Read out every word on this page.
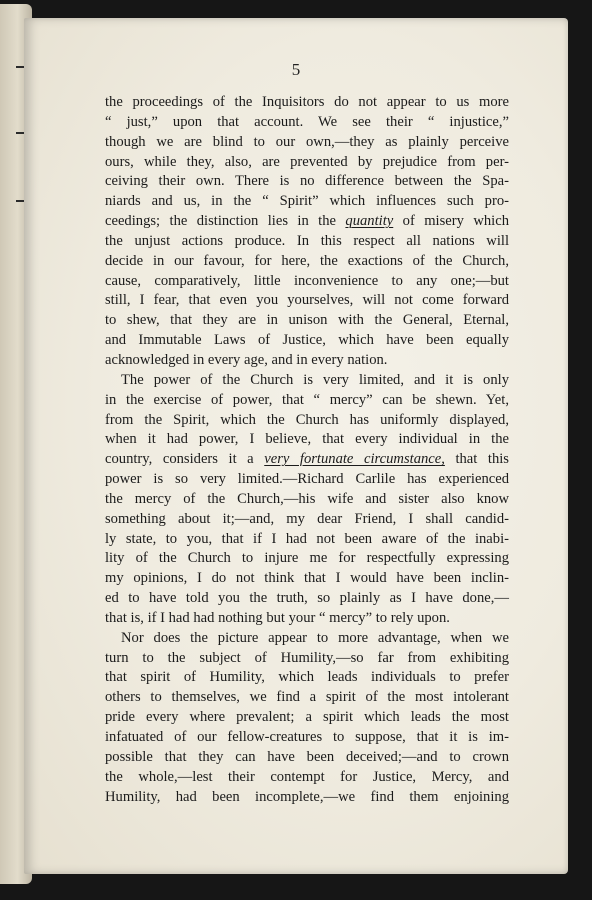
5

the proceedings of the Inquisitors do not appear to us more
“ just,” upon that account. We see their “ injustice,”
though we are blind to our own,—they as plainly perceive
ours, while they, also, are prevented by prejudice from per-
ceiving their own. There is no difference between the Spa-
niards and us, in the “ Spirit” which influences such pro-
ceedings; the distinction lies in the quantity of misery which
the unjust actions produce. In this respect all nations will
decide in our favour, for here, the exactions of the Church,
cause, comparatively, little inconvenience to any one;—but
still, I fear, that even you yourselves, will not come forward
to shew, that they are in unison with the General, Eternal,
and Immutable Laws of Justice, which have been equally
acknowledged in every age, and in every nation.
The power of the Church is very limited, and it is only
in the exercise of power, that “ mercy” can be shewn. Yet,
from the Spirit, which the Church has uniformly displayed,
when it had power, I believe, that every individual in the
country, considers it a very fortunate circumstance, that this
power is so very limited.—Richard Carlile has experienced
the mercy of the Church,—his wife and sister also know
something about it;—and, my dear Friend, I shall candid-
ly state, to you, that if I had not been aware of the inabi-
lity of the Church to injure me for respectfully expressing
my opinions, I do not think that I would have been inclin-
ed to have told you the truth, so plainly as I have done,—
that is, if I had had nothing but your “ mercy” to rely upon.
Nor does the picture appear to more advantage, when we
turn to the subject of Humility,—so far from exhibiting
that spirit of Humility, which leads individuals to prefer
others to themselves, we find a spirit of the most intolerant
pride every where prevalent; a spirit which leads the most
infatuated of our fellow-creatures to suppose, that it is im-
possible that they can have been deceived;—and to crown
the whole,—lest their contempt for Justice, Mercy, and
Humility, had been incomplete,—we find them enjoining
